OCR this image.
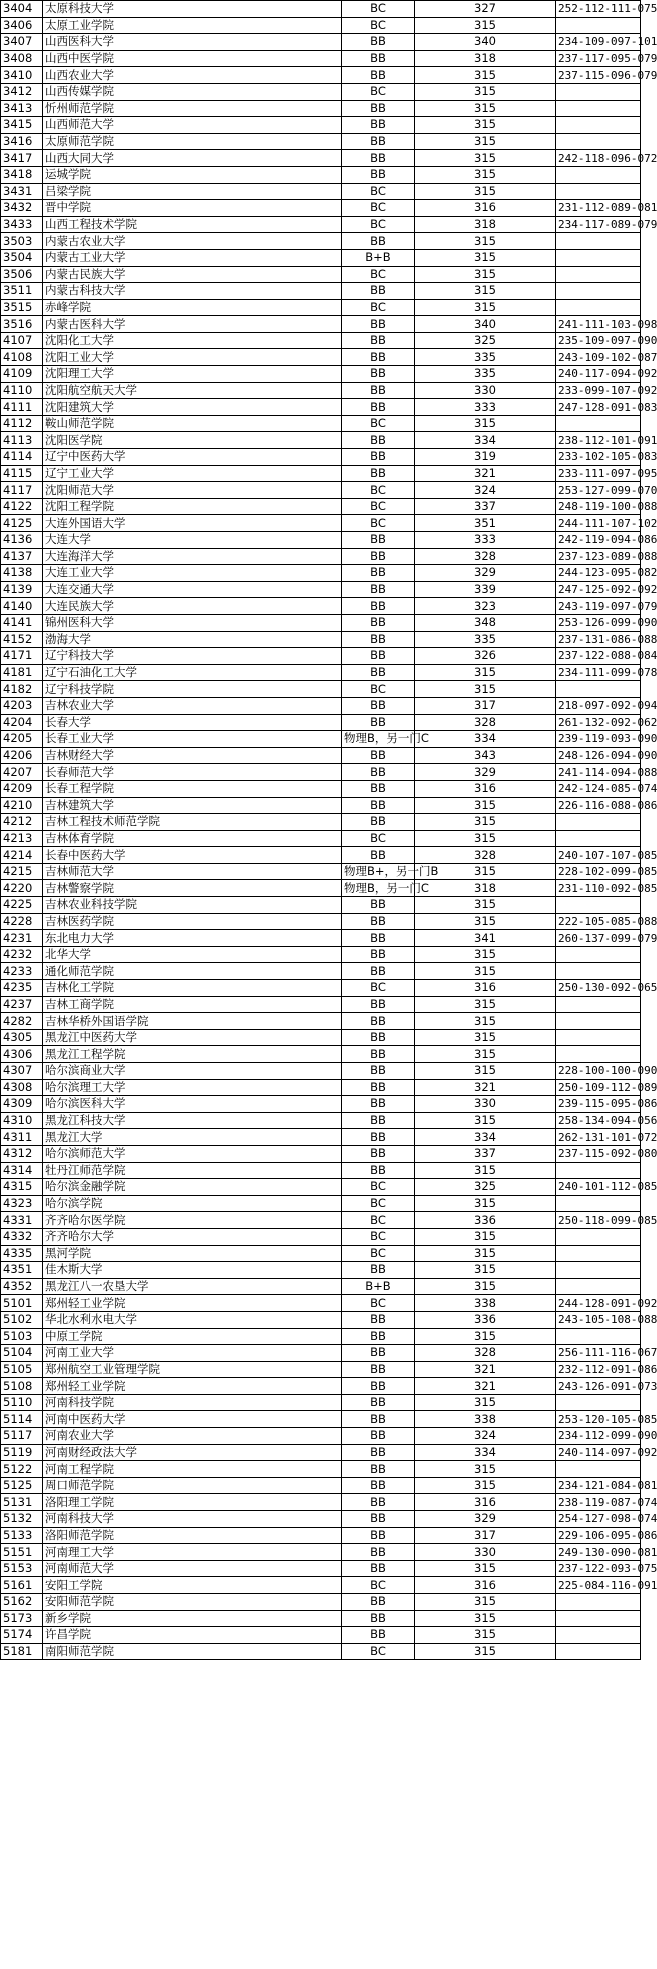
3404	太原科技大学	BC	327	252-112-111-075
3406	太原工业学院	BC	315	
3407	山西医科大学	BB	340	234-109-097-101
3408	山西中医学院	BB	318	237-117-095-079
3410	山西农业大学	BB	315	237-115-096-079
3412	山西传媒学院	BC	315	
3413	忻州师范学院	BB	315	
3415	山西师范大学	BB	315	
3416	太原师范学院	BB	315	
3417	山西大同大学	BB	315	242-118-096-072
3418	运城学院	BB	315	
3431	吕梁学院	BC	315	
3432	晋中学院	BC	316	231-112-089-081
3433	山西工程技术学院	BC	318	234-117-089-079
3503	内蒙古农业大学	BB	315	
3504	内蒙古工业大学	B+B	315	
3506	内蒙古民族大学	BC	315	
3511	内蒙古科技大学	BB	315	
3515	赤峰学院	BC	315	
3516	内蒙古医科大学	BB	340	241-111-103-098
4107	沈阳化工大学	BB	325	235-109-097-090
4108	沈阳工业大学	BB	335	243-109-102-087
4109	沈阳理工大学	BB	335	240-117-094-092
4110	沈阳航空航天大学	BB	330	233-099-107-092
4111	沈阳建筑大学	BB	333	247-128-091-083
4112	鞍山师范学院	BC	315	
4113	沈阳医学院	BB	334	238-112-101-091
4114	辽宁中医药大学	BB	319	233-102-105-083
4115	辽宁工业大学	BB	321	233-111-097-095
4117	沈阳师范大学	BC	324	253-127-099-070
4122	沈阳工程学院	BC	337	248-119-100-088
4125	大连外国语大学	BC	351	244-111-107-102
4136	大连大学	BB	333	242-119-094-086
4137	大连海洋大学	BB	328	237-123-089-088
4138	大连工业大学	BB	329	244-123-095-082
4139	大连交通大学	BB	339	247-125-092-092
4140	大连民族大学	BB	323	243-119-097-079
4141	锦州医科大学	BB	348	253-126-099-090
4152	渤海大学	BB	335	237-131-086-088
4171	辽宁科技大学	BB	326	237-122-088-084
4181	辽宁石油化工大学	BB	315	234-111-099-078
4182	辽宁科技学院	BC	315	
4203	吉林农业大学	BB	317	218-097-092-094
4204	长春大学	BB	328	261-132-092-062
4205	长春工业大学	物理B，另一门C	334	239-119-093-090
4206	吉林财经大学	BB	343	248-126-094-090
4207	长春师范大学	BB	329	241-114-094-088
4209	长春工程学院	BB	316	242-124-085-074
4210	吉林建筑大学	BB	315	226-116-088-086
4212	吉林工程技术师范学院	BB	315	
4213	吉林体育学院	BC	315	
4214	长春中医药大学	BB	328	240-107-107-085
4215	吉林师范大学	物理B+，另一门B	315	228-102-099-085
4220	吉林警察学院	物理B，另一门C	318	231-110-092-085
4225	吉林农业科技学院	BB	315	
4228	吉林医药学院	BB	315	222-105-085-088
4231	东北电力大学	BB	341	260-137-099-079
4232	北华大学	BB	315	
4233	通化师范学院	BB	315	
4235	吉林化工学院	BC	316	250-130-092-065
4237	吉林工商学院	BB	315	
4282	吉林华桥外国语学院	BB	315	
4305	黑龙江中医药大学	BB	315	
4306	黑龙江工程学院	BB	315	
4307	哈尔滨商业大学	BB	315	228-100-100-090
4308	哈尔滨理工大学	BB	321	250-109-112-089
4309	哈尔滨医科大学	BB	330	239-115-095-086
4310	黑龙江科技大学	BB	315	258-134-094-056
4311	黑龙江大学	BB	334	262-131-101-072
4312	哈尔滨师范大学	BB	337	237-115-092-080
4314	牡丹江师范学院	BB	315	
4315	哈尔滨金融学院	BC	325	240-101-112-085
4323	哈尔滨学院	BC	315	
4331	齐齐哈尔医学院	BC	336	250-118-099-085
4332	齐齐哈尔大学	BC	315	
4335	黑河学院	BC	315	
4351	佳木斯大学	BB	315	
4352	黑龙江八一农垦大学	B+B	315	
5101	郑州轻工业学院	BC	338	244-128-091-092
5102	华北水利水电大学	BB	336	243-105-108-088
5103	中原工学院	BB	315	
5104	河南工业大学	BB	328	256-111-116-067
5105	郑州航空工业管理学院	BB	321	232-112-091-086
5108	郑州轻工业学院	BB	321	243-126-091-073
5110	河南科技学院	BB	315	
5114	河南中医药大学	BB	338	253-120-105-085
5117	河南农业大学	BB	324	234-112-099-090
5119	河南财经政法大学	BB	334	240-114-097-092
5122	河南工程学院	BB	315	
5125	周口师范学院	BB	315	234-121-084-081
5131	洛阳理工学院	BB	316	238-119-087-074
5132	河南科技大学	BB	329	254-127-098-074
5133	洛阳师范学院	BB	317	229-106-095-086
5151	河南理工大学	BB	330	249-130-090-081
5153	河南师范大学	BB	315	237-122-093-075
5161	安阳工学院	BC	316	225-084-116-091
5162	安阳师范学院	BB	315	
5173	新乡学院	BB	315	
5174	许昌学院	BB	315	
5181	南阳师范学院	BC	315	
